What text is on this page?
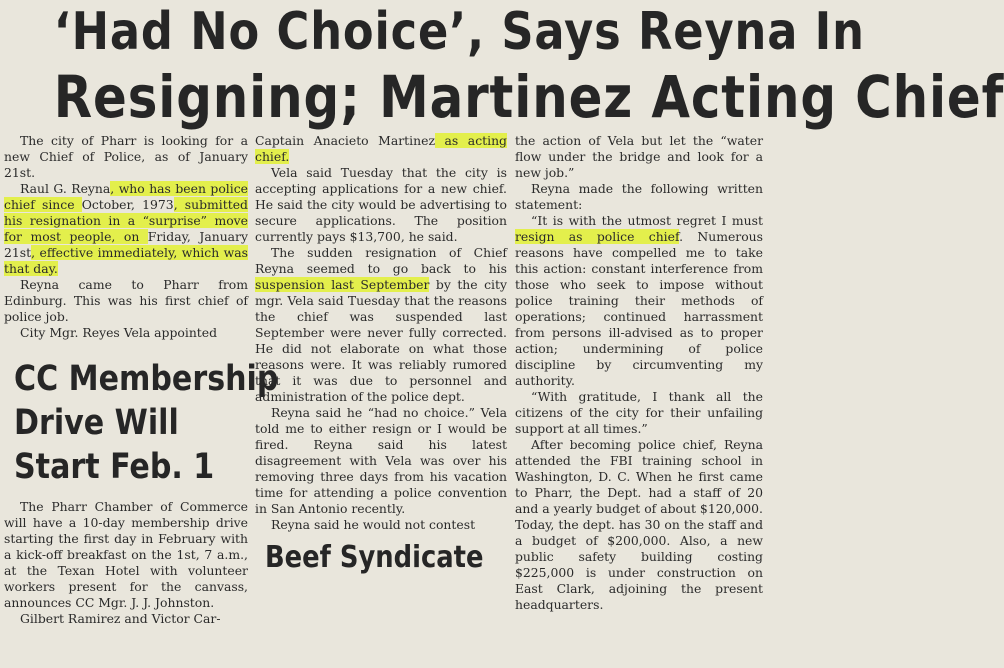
‘Had No Choice’, Says Reyna In
Resigning; Martinez Acting Chief

The city of Pharr is looking for a new Chief of Police, as of January 21st.

Raul G. Reyna, who has been police chief since October, 1973, submitted his resignation in a “surprise” move for most people, on Friday, January 21st, effective immediately, which was that day.

Reyna came to Pharr from Edinburg. This was his first chief of police job.

City Mgr. Reyes Vela appointed

CC Membership
Drive Will
Start Feb. 1

The Pharr Chamber of Commerce will have a 10-day membership drive starting the first day in February with a kick-off breakfast on the 1st, 7 a.m., at the Texan Hotel with volunteer workers present for the canvass, announces CC Mgr. J. J. Johnston.

Gilbert Ramirez and Victor Car-

Captain Anacieto Martinez as acting chief.

Vela said Tuesday that the city is accepting applications for a new chief. He said the city would be advertising to secure applications. The position currently pays $13,700, he said.

The sudden resignation of Chief Reyna seemed to go back to his suspension last September by the city mgr. Vela said Tuesday that the reasons the chief was suspended last September were never fully corrected. He did not elaborate on what those reasons were. It was reliably rumored that it was due to personnel and administration of the police dept.

Reyna said he “had no choice.” Vela told me to either resign or I would be fired. Reyna said his latest disagreement with Vela was over his removing three days from his vacation time for attending a police convention in San Antonio recently.

Reyna said he would not contest

Beef Syndicate

the action of Vela but let the “water flow under the bridge and look for a new job.”

Reyna made the following written statement:

“It is with the utmost regret I must resign as police chief. Numerous reasons have compelled me to take this action: constant interference from those who seek to impose without police training their methods of operations; continued harrassment from persons ill-advised as to proper action; undermining of police discipline by circumventing my authority.

“With gratitude, I thank all the citizens of the city for their unfailing support at all times.”

After becoming police chief, Reyna attended the FBI training school in Washington, D. C. When he first came to Pharr, the Dept. had a staff of 20 and a yearly budget of about $120,000. Today, the dept. has 30 on the staff and a budget of $200,000. Also, a new public safety building costing $225,000 is under construction on East Clark, adjoining the present headquarters.
